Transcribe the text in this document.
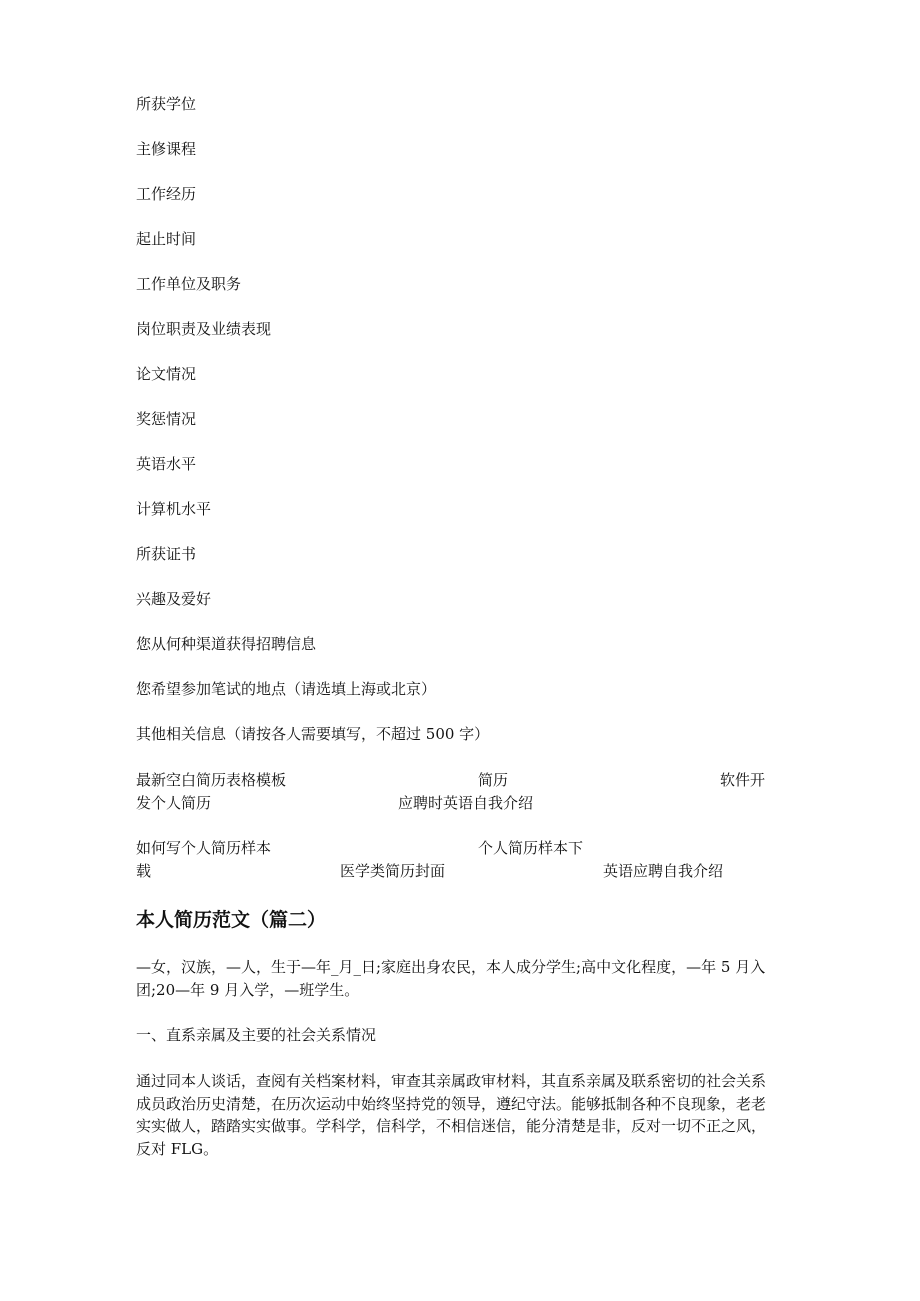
所获学位
主修课程
工作经历
起止时间
工作单位及职务
岗位职责及业绩表现
论文情况
奖惩情况
英语水平
计算机水平
所获证书
兴趣及爱好
您从何种渠道获得招聘信息
您希望参加笔试的地点（请选填上海或北京）
其他相关信息（请按各人需要填写，不超过 500 字）
最新空白简历表格模板	简历	软件开
发个人简历	应聘时英语自我介绍
如何写个人简历样本	个人简历样本下
载	医学类简历封面	英语应聘自我介绍
本人简历范文（篇二）
—女，汉族，—人，生于—年_月_日;家庭出身农民，本人成分学生;高中文化程度，—年 5 月入团;20—年 9 月入学，—班学生。
一、直系亲属及主要的社会关系情况
通过同本人谈话，查阅有关档案材料，审查其亲属政审材料，其直系亲属及联系密切的社会关系成员政治历史清楚，在历次运动中始终坚持党的领导，遵纪守法。能够抵制各种不良现象，老老实实做人，踏踏实实做事。学科学，信科学，不相信迷信，能分清楚是非，反对一切不正之风，反对 FLG。
